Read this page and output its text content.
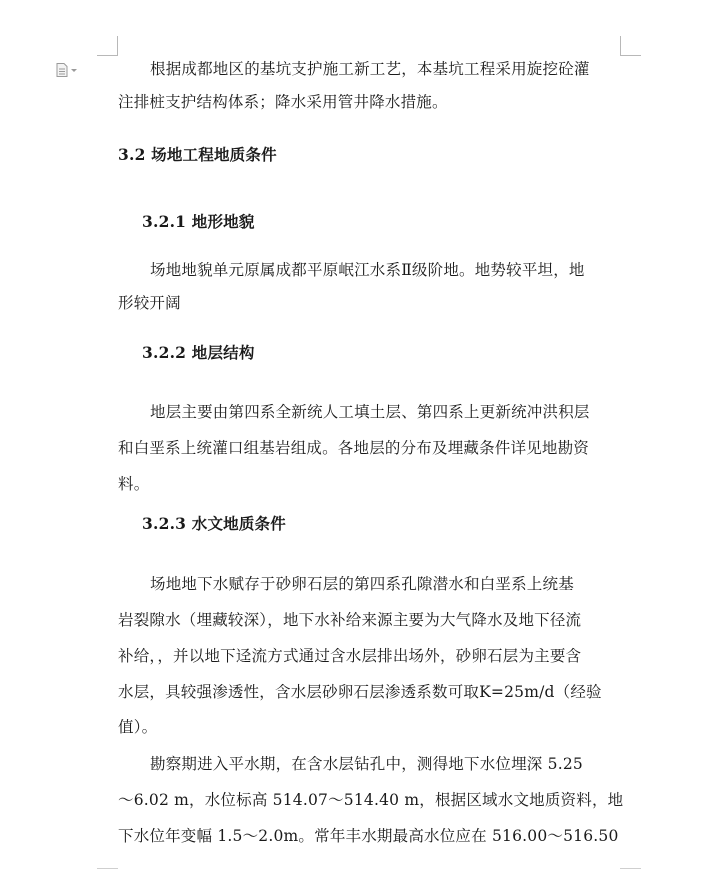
根据成都地区的基坑支护施工新工艺，本基坑工程采用旋挖砼灌
注排桩支护结构体系；降水采用管井降水措施。
3.2 场地工程地质条件
3.2.1 地形地貌
场地地貌单元原属成都平原岷江水系Ⅱ级阶地。地势较平坦，地
形较开阔
3.2.2 地层结构
地层主要由第四系全新统人工填土层、第四系上更新统冲洪积层
和白垩系上统灌口组基岩组成。各地层的分布及埋藏条件详见地勘资
料。
3.2.3 水文地质条件
场地地下水赋存于砂卵石层的第四系孔隙潜水和白垩系上统基
岩裂隙水（埋藏较深），地下水补给来源主要为大气降水及地下径流
补给，，并以地下迳流方式通过含水层排出场外，砂卵石层为主要含
水层，具较强渗透性，含水层砂卵石层渗透系数可取K=25m/d（经验
值）。
勘察期进入平水期，在含水层钻孔中，测得地下水位埋深 5.25
～6.02 m，水位标高 514.07～514.40 m，根据区域水文地质资料，地
下水位年变幅 1.5～2.0m。常年丰水期最高水位应在 516.00～516.50
